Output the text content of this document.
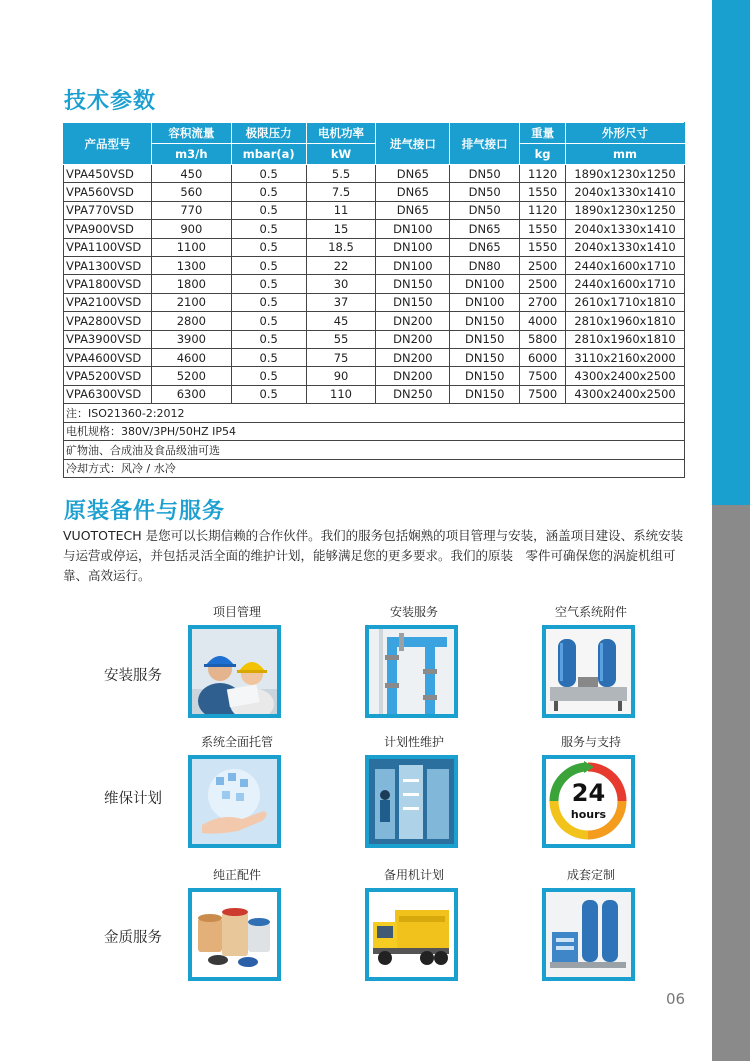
技术参数
产品型号	容积流量	极限压力	电机功率	进气接口	排气接口	重量	外形尺寸
	m3/h	mbar(a)	kW			kg	mm
VPA450VSD	450	0.5	5.5	DN65	DN50	1120	1890x1230x1250
VPA560VSD	560	0.5	7.5	DN65	DN50	1550	2040x1330x1410
VPA770VSD	770	0.5	11	DN65	DN50	1120	1890x1230x1250
VPA900VSD	900	0.5	15	DN100	DN65	1550	2040x1330x1410
VPA1100VSD	1100	0.5	18.5	DN100	DN65	1550	2040x1330x1410
VPA1300VSD	1300	0.5	22	DN100	DN80	2500	2440x1600x1710
VPA1800VSD	1800	0.5	30	DN150	DN100	2500	2440x1600x1710
VPA2100VSD	2100	0.5	37	DN150	DN100	2700	2610x1710x1810
VPA2800VSD	2800	0.5	45	DN200	DN150	4000	2810x1960x1810
VPA3900VSD	3900	0.5	55	DN200	DN150	5800	2810x1960x1810
VPA4600VSD	4600	0.5	75	DN200	DN150	6000	3110x2160x2000
VPA5200VSD	5200	0.5	90	DN200	DN150	7500	4300x2400x2500
VPA6300VSD	6300	0.5	110	DN250	DN150	7500	4300x2400x2500
注：ISO21360-2:2012							
电机规格：380V/3PH/50HZ IP54							
矿物油、合成油及食品级油可选							
冷却方式：风冷 / 水冷							
原装备件与服务
VUOTOTECH 是您可以长期信赖的合作伙伴。我们的服务包括娴熟的项目管理与安装，涵盖项目建设、系统安装与运营或停运，并包括灵活全面的维护计划，能够满足您的更多要求。我们的原装　零件可确保您的涡旋机组可靠、高效运行。
安装服务
项目管理	安装服务	空气系统附件
维保计划
系统全面托管	计划性维护	服务与支持
24
hours
金质服务
纯正配件	备用机计划	成套定制
06
